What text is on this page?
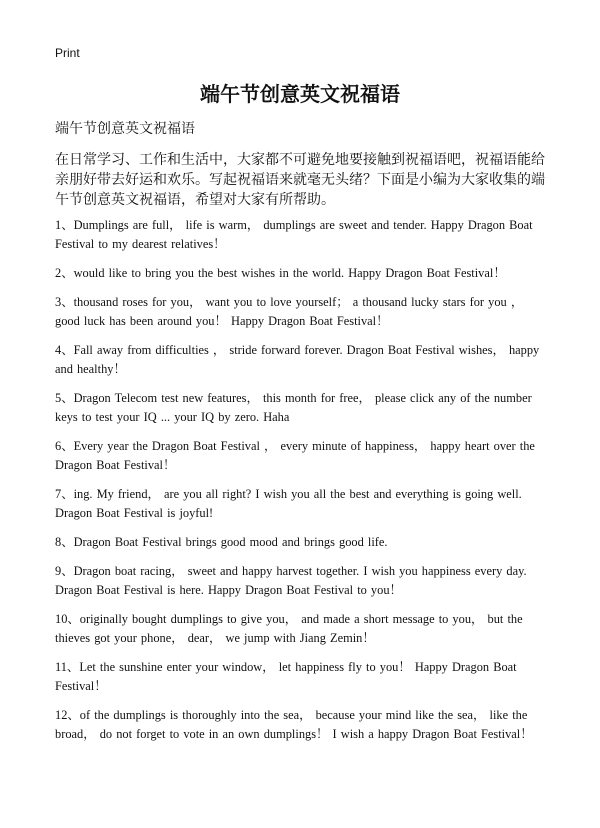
Print
端午节创意英文祝福语

端午节创意英文祝福语

在日常学习、工作和生活中，大家都不可避免地要接触到祝福语吧，祝福语能给亲朋好带去好运和欢乐。写起祝福语来就毫无头绪？下面是小编为大家收集的端午节创意英文祝福语，希望对大家有所帮助。

1、Dumplings are full， life is warm， dumplings are sweet and tender. Happy Dragon Boat Festival to my dearest relatives！

2、would like to bring you the best wishes in the world. Happy Dragon Boat Festival！

3、thousand roses for you， want you to love yourself； a thousand lucky stars for you ， good luck has been around you！ Happy Dragon Boat Festival！

4、Fall away from difficulties ， stride forward forever. Dragon Boat Festival wishes， happy and healthy！

5、Dragon Telecom test new features， this month for free， please click any of the number keys to test your IQ ... your IQ by zero. Haha

6、Every year the Dragon Boat Festival ， every minute of happiness， happy heart over the Dragon Boat Festival！

7、ing. My friend， are you all right? I wish you all the best and everything is going well. Dragon Boat Festival is joyful!

8、Dragon Boat Festival brings good mood and brings good life.

9、Dragon boat racing， sweet and happy harvest together. I wish you happiness every day. Dragon Boat Festival is here. Happy Dragon Boat Festival to you！

10、originally bought dumplings to give you， and made a short message to you， but the thieves got your phone， dear， we jump with Jiang Zemin！

11、Let the sunshine enter your window， let happiness fly to you！ Happy Dragon Boat Festival！

12、of the dumplings is thoroughly into the sea， because your mind like the sea， like the broad， do not forget to vote in an own dumplings！ I wish a happy Dragon Boat Festival！
